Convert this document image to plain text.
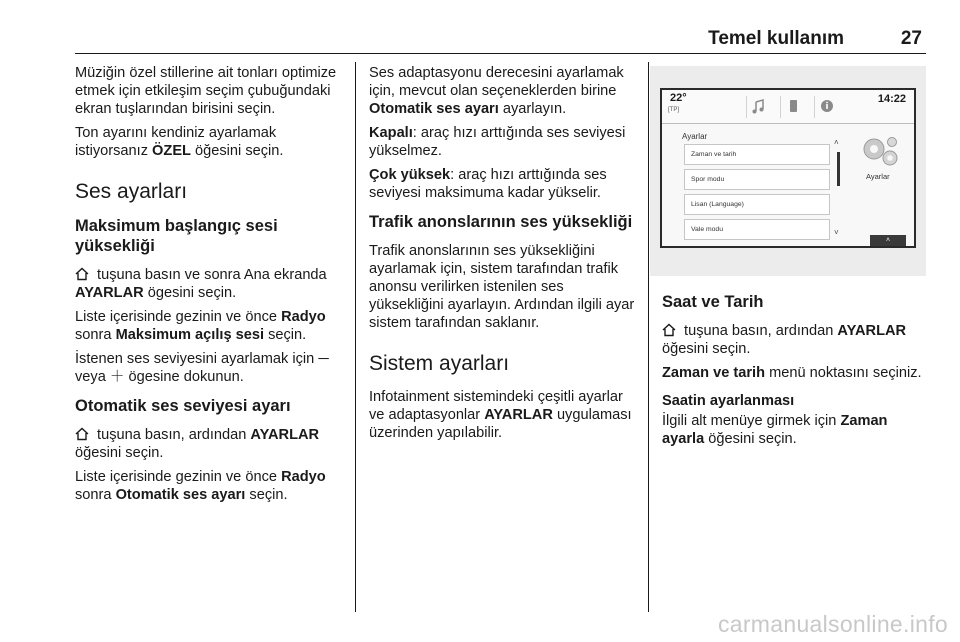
Temel kullanım	27

Müziğin özel stillerine ait tonları optimize etmek için etkileşim seçim çubuğundaki ekran tuşlarından birisini seçin.

Ton ayarını kendiniz ayarlamak istiyorsanız ÖZEL öğesini seçin.

Ses ayarları
Maksimum başlangıç sesi yüksekliği

tuşuna basın ve sonra Ana ekranda AYARLAR ögesini seçin.

Liste içerisinde gezinin ve önce Radyo sonra Maksimum açılış sesi seçin.

İstenen ses seviyesini ayarlamak için ─ veya ＋ ögesine dokunun.

Otomatik ses seviyesi ayarı

tuşuna basın, ardından AYARLAR öğesini seçin.

Liste içerisinde gezinin ve önce Radyo sonra Otomatik ses ayarı seçin.

Ses adaptasyonu derecesini ayarlamak için, mevcut olan seçeneklerden birine Otomatik ses ayarı ayarlayın.

Kapalı: araç hızı arttığında ses seviyesi yükselmez.

Çok yüksek: araç hızı arttığında ses seviyesi maksimuma kadar yükselir.

Trafik anonslarının ses yüksekliği

Trafik anonslarının ses yüksekliğini ayarlamak için, sistem tarafından trafik anonsu verilirken istenilen ses yüksekliğini ayarlayın. Ardından ilgili ayar sistem tarafından saklanır.

Sistem ayarları

Infotainment sistemindeki çeşitli ayarlar ve adaptasyonlar AYARLAR uygulaması üzerinden yapılabilir.

22°
[TP]
14:22
Ayarlar
Zaman ve tarih
Spor modu
Lisan (Language)
Vale modu
˄
˅
Ayarlar
˄
Saat ve Tarih

tuşuna basın, ardından AYARLAR öğesini seçin.

Zaman ve tarih menü noktasını seçiniz.

Saatin ayarlanması

İlgili alt menüye girmek için Zaman ayarla öğesini seçin.

carmanualsonline.info
